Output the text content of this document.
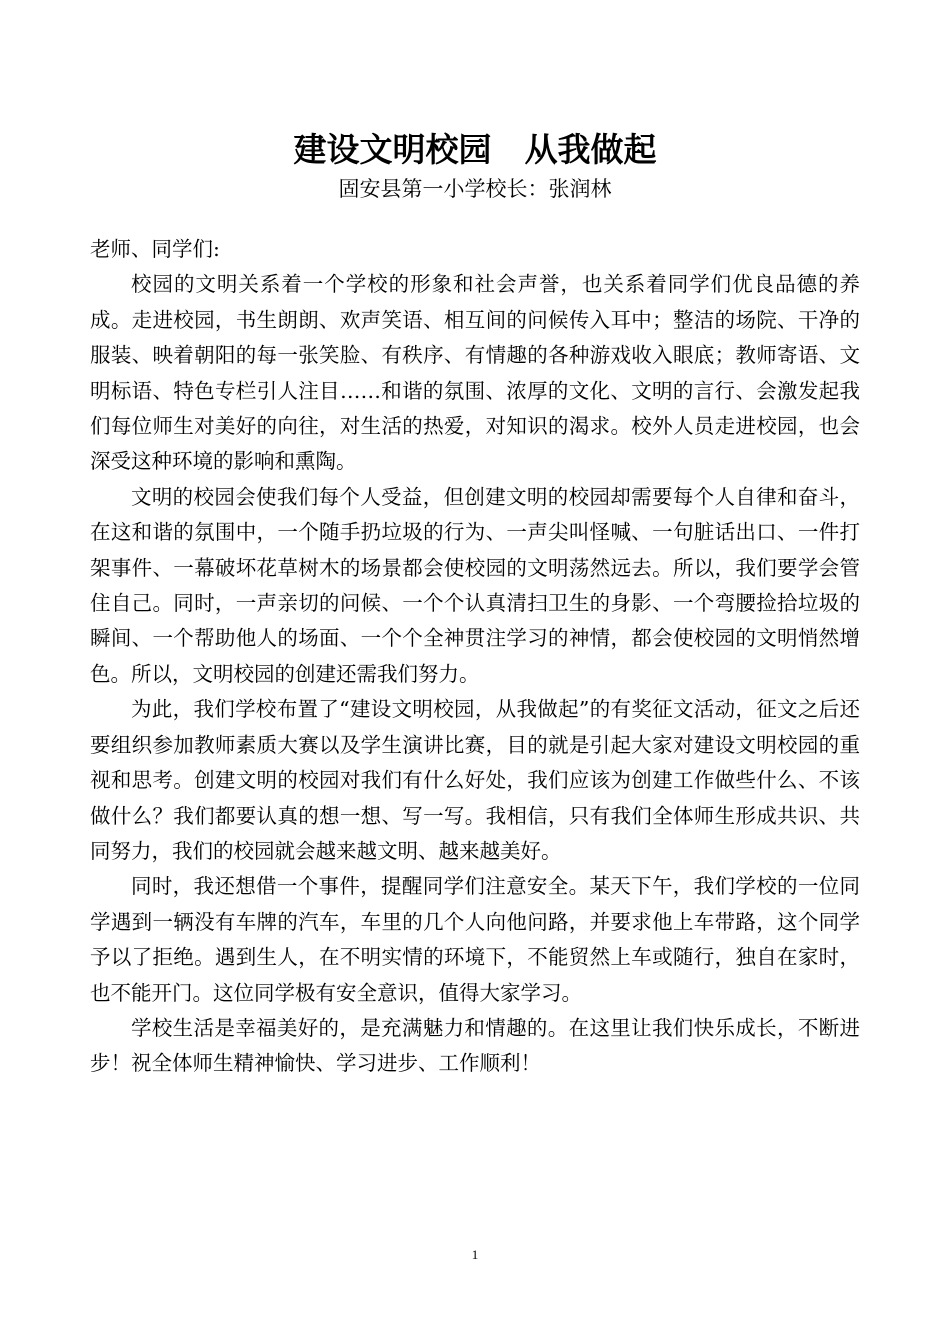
建设文明校园　从我做起
固安县第一小学校长：张润林

老师、同学们:

校园的文明关系着一个学校的形象和社会声誉，也关系着同学们优良品德的养成。走进校园，书生朗朗、欢声笑语、相互间的问候传入耳中；整洁的场院、干净的服装、映着朝阳的每一张笑脸、有秩序、有情趣的各种游戏收入眼底；教师寄语、文明标语、特色专栏引人注目……和谐的氛围、浓厚的文化、文明的言行、会激发起我们每位师生对美好的向往，对生活的热爱，对知识的渴求。校外人员走进校园，也会深受这种环境的影响和熏陶。

文明的校园会使我们每个人受益，但创建文明的校园却需要每个人自律和奋斗，在这和谐的氛围中，一个随手扔垃圾的行为、一声尖叫怪喊、一句脏话出口、一件打架事件、一幕破坏花草树木的场景都会使校园的文明荡然远去。所以，我们要学会管住自己。同时，一声亲切的问候、一个个认真清扫卫生的身影、一个弯腰捡拾垃圾的瞬间、一个帮助他人的场面、一个个全神贯注学习的神情，都会使校园的文明悄然增色。所以，文明校园的创建还需我们努力。

为此，我们学校布置了“建设文明校园，从我做起”的有奖征文活动，征文之后还要组织参加教师素质大赛以及学生演讲比赛，目的就是引起大家对建设文明校园的重视和思考。创建文明的校园对我们有什么好处，我们应该为创建工作做些什么、不该做什么？我们都要认真的想一想、写一写。我相信，只有我们全体师生形成共识、共同努力，我们的校园就会越来越文明、越来越美好。

同时，我还想借一个事件，提醒同学们注意安全。某天下午，我们学校的一位同学遇到一辆没有车牌的汽车，车里的几个人向他问路，并要求他上车带路，这个同学予以了拒绝。遇到生人，在不明实情的环境下，不能贸然上车或随行，独自在家时，也不能开门。这位同学极有安全意识，值得大家学习。

学校生活是幸福美好的，是充满魅力和情趣的。在这里让我们快乐成长，不断进步！祝全体师生精神愉快、学习进步、工作顺利！

1
